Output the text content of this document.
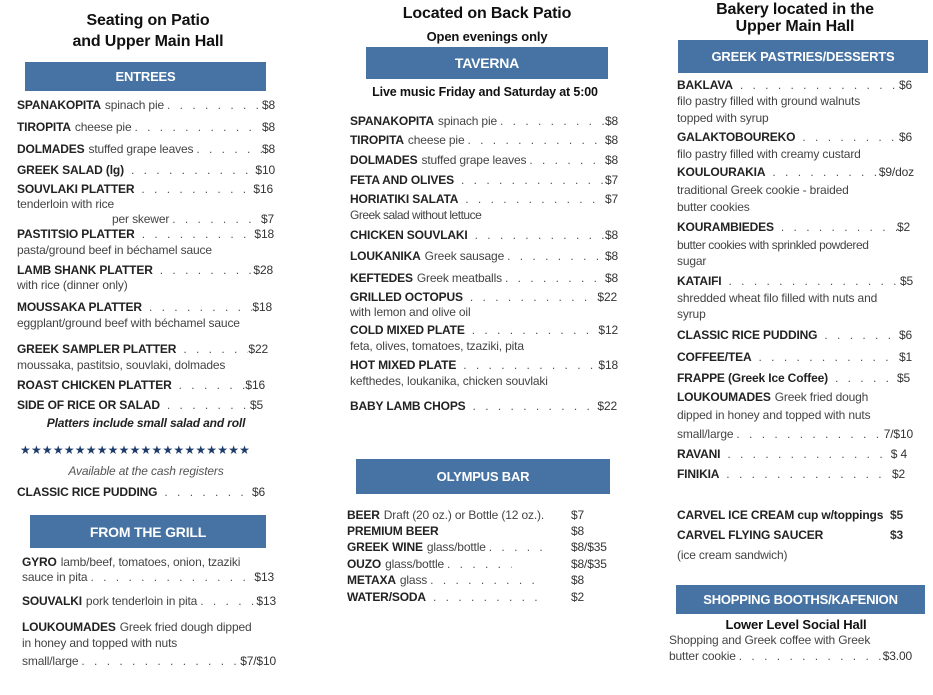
Seating on Patio
and Upper Main Hall
ENTREES
SPANAKOPITA spinach pie . . .	$8
TIROPITA cheese pie . . .	$8
DOLMADES stuffed grape leaves . . .	$8
GREEK SALAD (lg) . . .	$10
SOUVLAKI PLATTER . . .	$16
tenderloin with rice
per skewer . . .	$7
PASTITSIO PLATTER . . .	$18
pasta/ground beef in béchamel sauce
LAMB SHANK PLATTER . . .	$28
with rice (dinner only)
MOUSSAKA PLATTER . . .	$18
eggplant/ground beef with béchamel sauce
GREEK SAMPLER PLATTER . . .	$22
moussaka, pastitsio, souvlaki, dolmades
ROAST CHICKEN PLATTER . . .	$16
SIDE OF RICE OR SALAD . . .	$5
Platters include small salad and roll
★★★★★★★★★★★★★★★★★★★★★
Available at the cash registers
CLASSIC RICE PUDDING . . .	$6
FROM THE GRILL
GYRO lamb/beef, tomatoes, onion, tzaziki
sauce in pita . . .	$13
SOUVALKI pork tenderloin in pita . . .	$13
LOUKOUMADES Greek fried dough dipped
in honey and topped with nuts
small/large . . .	$7/$10
Located on Back Patio
Open evenings only
TAVERNA
Live music Friday and Saturday at 5:00
SPANAKOPITA spinach pie . . .	$8
TIROPITA cheese pie . . .	$8
DOLMADES stuffed grape leaves . . .	$8
FETA AND OLIVES . . .	$7
HORIATIKI SALATA . . .	$7
Greek salad without lettuce
CHICKEN SOUVLAKI . . .	$8
LOUKANIKA Greek sausage . . .	$8
KEFTEDES Greek meatballs . . .	$8
GRILLED OCTOPUS . . .	$22
with lemon and olive oil
COLD MIXED PLATE . . .	$12
feta, olives, tomatoes, tzaziki, pita
HOT MIXED PLATE . . .	$18
kefthedes, loukanika, chicken souvlaki
BABY LAMB CHOPS . . .	$22
OLYMPUS BAR
BEER Draft (20 oz.) or Bottle (12 oz.). $7
PREMIUM BEER	$8
GREEK WINE glass/bottle . . .	$8/$35
OUZO glass/bottle . . .	$8/$35
METAXA glass . . .	$8
WATER/SODA . . .	$2
Bakery located in the
Upper Main Hall
GREEK PASTRIES/DESSERTS
BAKLAVA . . .	$6
filo pastry filled with ground walnuts
topped with syrup
GALAKTOBOUREKO . . .	$6
filo pastry filled with creamy custard
KOULOURAKIA . . .	$9/doz
traditional Greek cookie - braided
butter cookies
KOURAMBIEDES . . .	$2
butter cookies with sprinkled powdered
sugar
KATAIFI . . .	$5
shredded wheat filo filled with nuts and
syrup
CLASSIC RICE PUDDING . . .	$6
COFFEE/TEA . . .	$1
FRAPPE (Greek Ice Coffee) . . .	$5
LOUKOUMADES Greek fried dough
dipped in honey and topped with nuts
small/large . . .	7/$10
RAVANI . . .	$ 4
FINIKIA . . .	$2
CARVEL ICE CREAM cup w/toppings $5
CARVEL FLYING SAUCER	$3
(ice cream sandwich)
SHOPPING BOOTHS/KAFENION
Lower Level Social Hall
Shopping and Greek coffee with Greek
butter cookie . . .	$3.00
